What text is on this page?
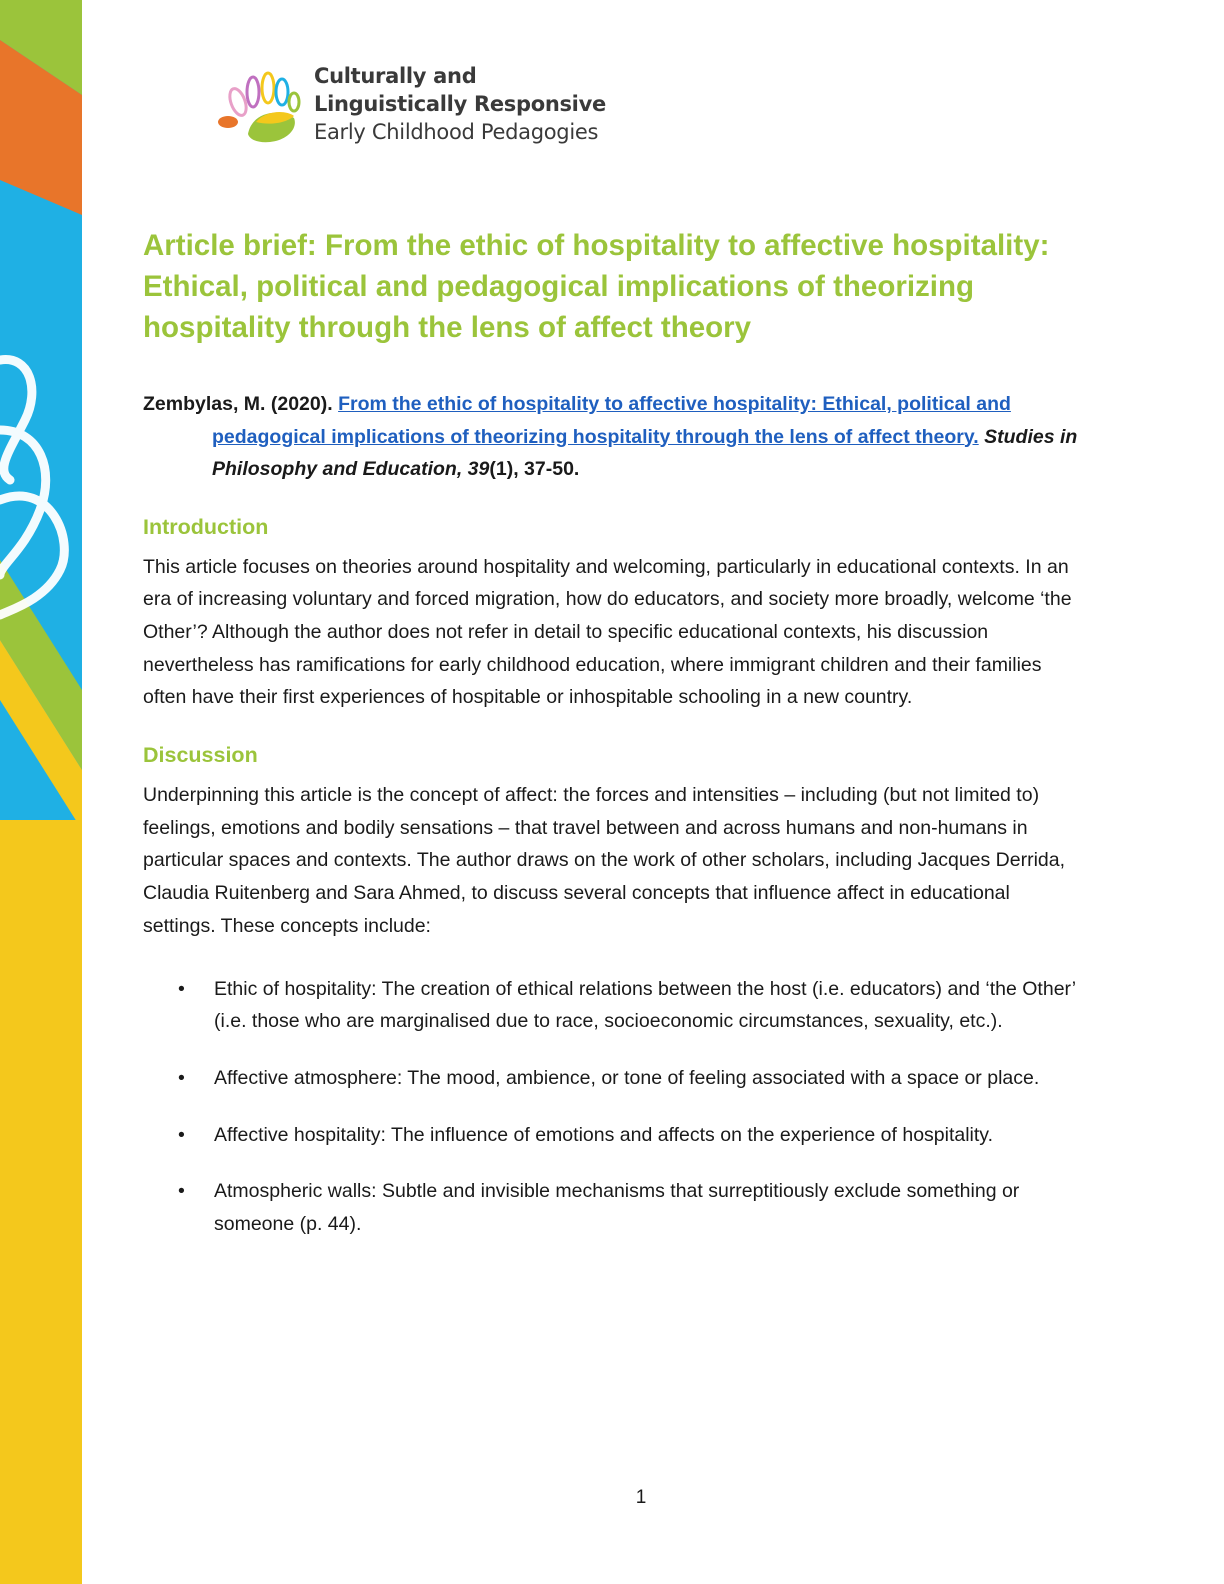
Culturally and
Linguistically Responsive
Early Childhood Pedagogies
Article brief: From the ethic of hospitality to affective hospitality: Ethical, political and pedagogical implications of theorizing hospitality through the lens of affect theory
Zembylas, M. (2020). From the ethic of hospitality to affective hospitality: Ethical, political and pedagogical implications of theorizing hospitality through the lens of affect theory. Studies in Philosophy and Education, 39(1), 37-50.
Introduction

This article focuses on theories around hospitality and welcoming, particularly in educational contexts. In an era of increasing voluntary and forced migration, how do educators, and society more broadly, welcome ‘the Other’? Although the author does not refer in detail to specific educational contexts, his discussion nevertheless has ramifications for early childhood education, where immigrant children and their families often have their first experiences of hospitable or inhospitable schooling in a new country.

Discussion

Underpinning this article is the concept of affect: the forces and intensities – including (but not limited to) feelings, emotions and bodily sensations – that travel between and across humans and non-humans in particular spaces and contexts. The author draws on the work of other scholars, including Jacques Derrida, Claudia Ruitenberg and Sara Ahmed, to discuss several concepts that influence affect in educational settings. These concepts include:

• Ethic of hospitality: The creation of ethical relations between the host (i.e. educators) and ‘the Other’ (i.e. those who are marginalised due to race, socioeconomic circumstances, sexuality, etc.).
• Affective atmosphere: The mood, ambience, or tone of feeling associated with a space or place.
• Affective hospitality: The influence of emotions and affects on the experience of hospitality.
• Atmospheric walls: Subtle and invisible mechanisms that surreptitiously exclude something or someone (p. 44).
1
